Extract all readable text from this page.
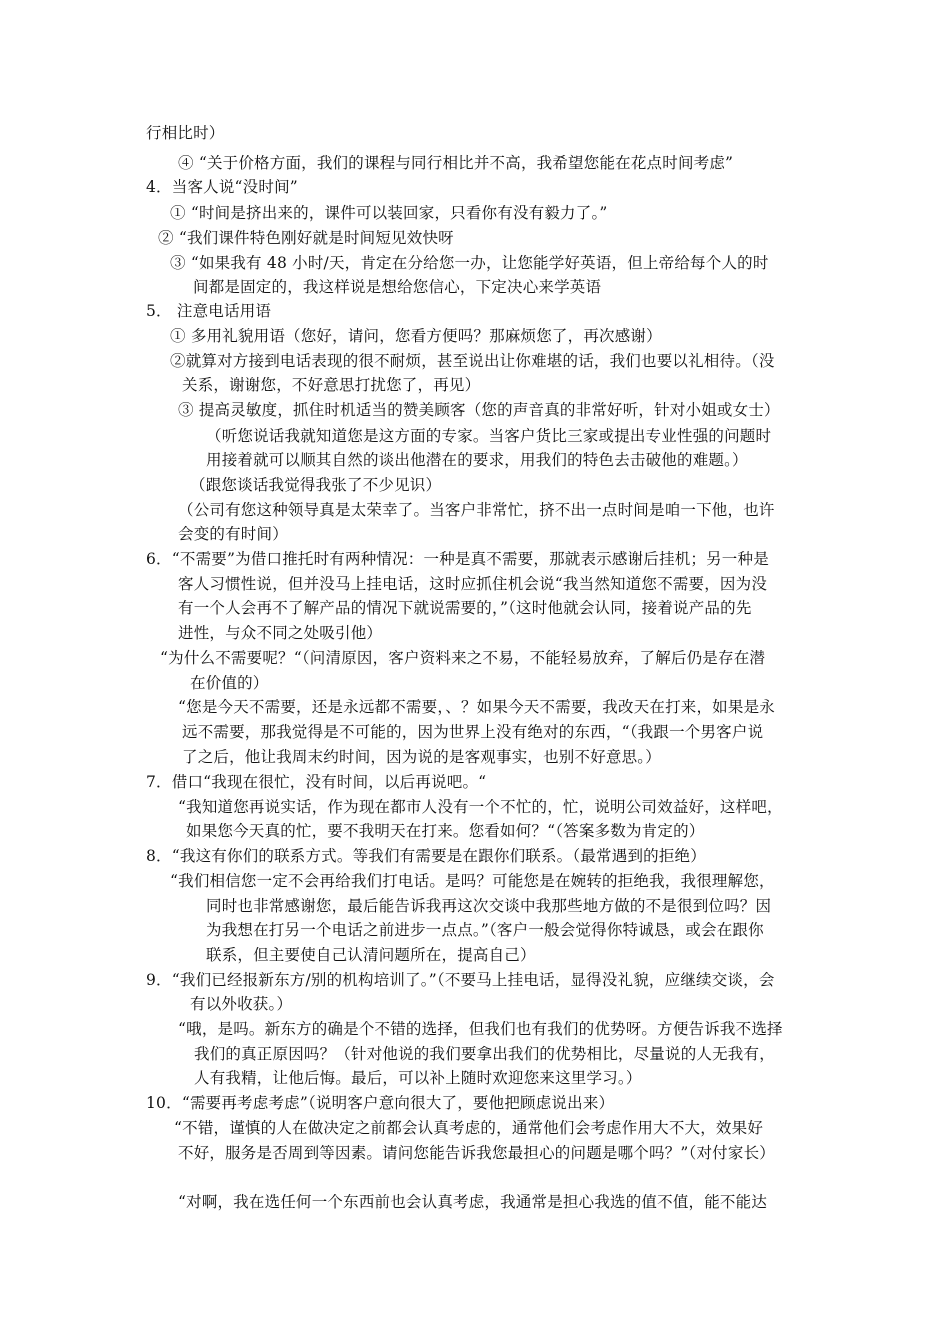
行相比时）
④ “关于价格方面，我们的课程与同行相比并不高，我希望您能在花点时间考虑”
4．当客人说“没时间”
① “时间是挤出来的，课件可以装回家，只看你有没有毅力了。”
② “我们课件特色刚好就是时间短见效快呀
③ “如果我有 48 小时/天，肯定在分给您一办，让您能学好英语，但上帝给每个人的时
间都是固定的，我这样说是想给您信心，下定决心来学英语
5． 注意电话用语
① 多用礼貌用语（您好，请问，您看方便吗？那麻烦您了，再次感谢）
②就算对方接到电话表现的很不耐烦，甚至说出让你难堪的话，我们也要以礼相待。（没
关系，谢谢您，不好意思打扰您了，再见）
③ 提高灵敏度，抓住时机适当的赞美顾客（您的声音真的非常好听，针对小姐或女士）
（听您说话我就知道您是这方面的专家。当客户货比三家或提出专业性强的问题时
用接着就可以顺其自然的谈出他潜在的要求，用我们的特色去击破他的难题。）
（跟您谈话我觉得我张了不少见识）
（公司有您这种领导真是太荣幸了。当客户非常忙，挤不出一点时间是咱一下他，也许
会变的有时间）
6．“不需要”为借口推托时有两种情况：一种是真不需要，那就表示感谢后挂机；另一种是
客人习惯性说，但并没马上挂电话，这时应抓住机会说“我当然知道您不需要，因为没
有一个人会再不了解产品的情况下就说需要的，”（这时他就会认同，接着说产品的先
进性，与众不同之处吸引他）
“为什么不需要呢？“（问清原因，客户资料来之不易，不能轻易放弃，了解后仍是存在潜
在价值的）
“您是今天不需要，还是永远都不需要，、？如果今天不需要，我改天在打来，如果是永
远不需要，那我觉得是不可能的，因为世界上没有绝对的东西，“（我跟一个男客户说
了之后，他让我周末约时间，因为说的是客观事实，也别不好意思。）
7．借口“我现在很忙，没有时间，以后再说吧。“
“我知道您再说实话，作为现在都市人没有一个不忙的，忙，说明公司效益好，这样吧，
如果您今天真的忙，要不我明天在打来。您看如何？“（答案多数为肯定的）
8．“我这有你们的联系方式。等我们有需要是在跟你们联系。（最常遇到的拒绝）
“我们相信您一定不会再给我们打电话。是吗？可能您是在婉转的拒绝我，我很理解您，
同时也非常感谢您，最后能告诉我再这次交谈中我那些地方做的不是很到位吗？因
为我想在打另一个电话之前进步一点点。”（客户一般会觉得你特诚恳，或会在跟你
联系，但主要使自己认清问题所在，提高自己）
9．“我们已经报新东方/别的机构培训了。”（不要马上挂电话，显得没礼貌，应继续交谈，会
有以外收获。）
“哦，是吗。新东方的确是个不错的选择，但我们也有我们的优势呀。方便告诉我不选择
我们的真正原因吗？（针对他说的我们要拿出我们的优势相比，尽量说的人无我有，
人有我精，让他后悔。最后，可以补上随时欢迎您来这里学习。）
10．“需要再考虑考虑”（说明客户意向很大了，要他把顾虑说出来）
“不错，谨慎的人在做决定之前都会认真考虑的，通常他们会考虑作用大不大，效果好
不好，服务是否周到等因素。请问您能告诉我您最担心的问题是哪个吗？”（对付家长）
“对啊，我在选任何一个东西前也会认真考虑，我通常是担心我选的值不值，能不能达
